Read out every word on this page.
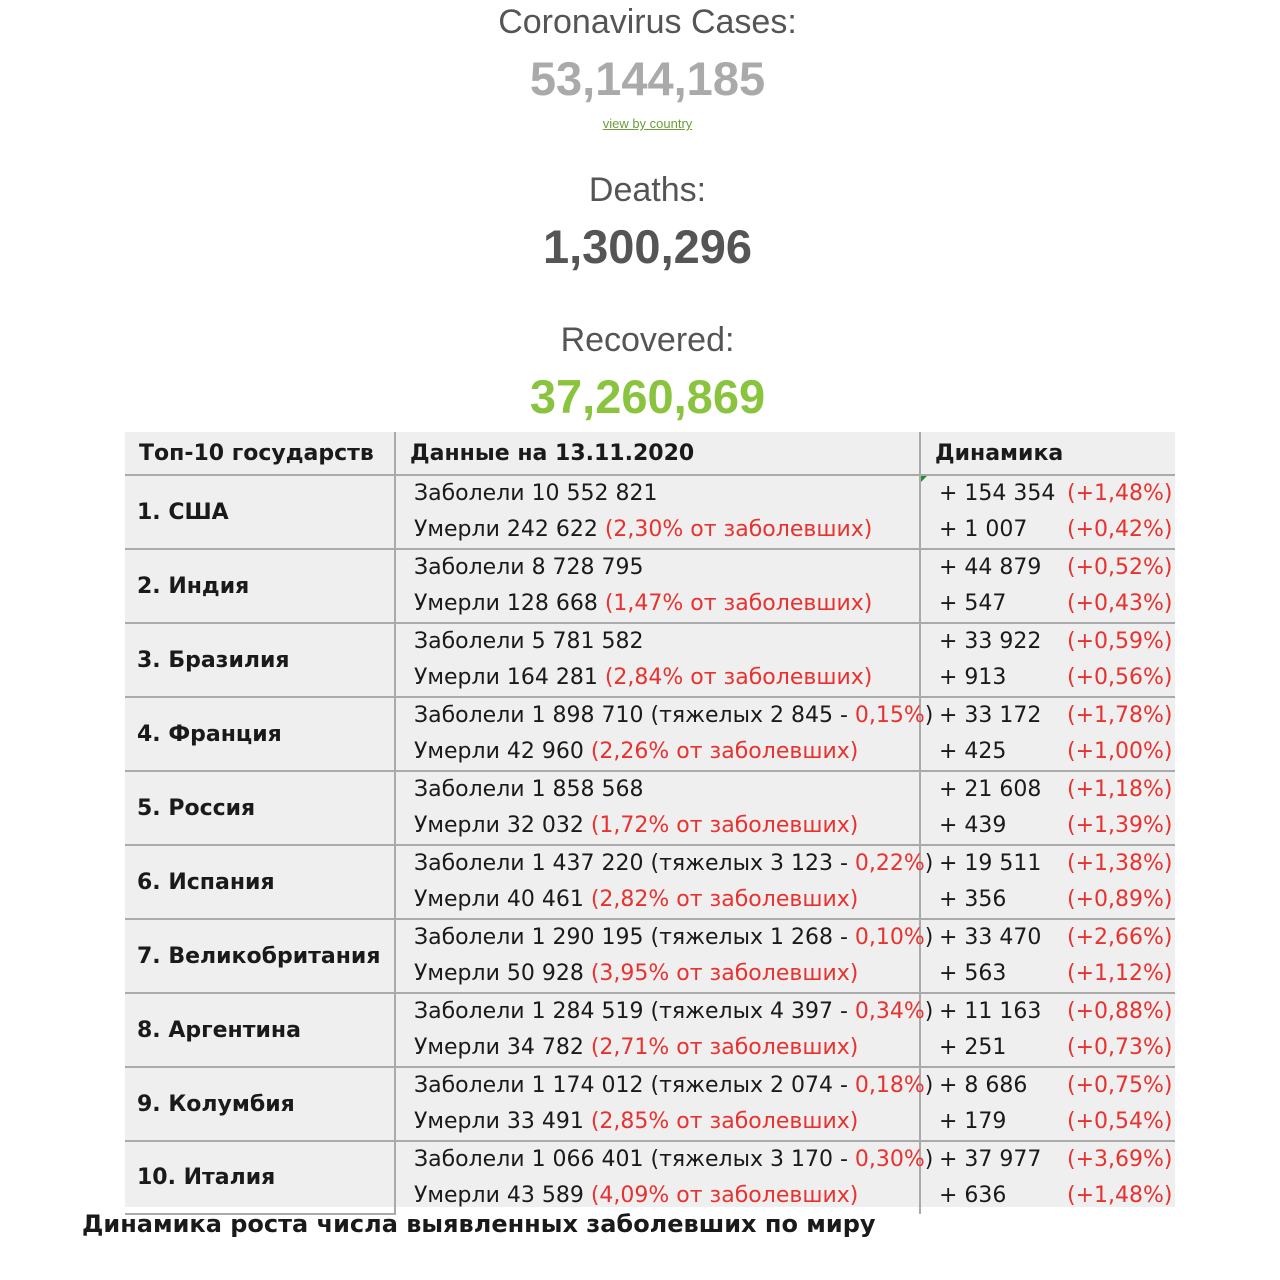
Coronavirus Cases:
53,144,185
view by country
Deaths:
1,300,296
Recovered:
37,260,869
Топ-10 государств	Данные на 13.11.2020	Динамика
1. США	Заболели 10 552 821	+ 154 354 (+1,48%)
	Умерли 242 622 (2,30% от заболевших)	+ 1 007 (+0,42%)
2. Индия	Заболели 8 728 795	+ 44 879 (+0,52%)
	Умерли 128 668 (1,47% от заболевших)	+ 547 (+0,43%)
3. Бразилия	Заболели 5 781 582	+ 33 922 (+0,59%)
	Умерли 164 281 (2,84% от заболевших)	+ 913 (+0,56%)
4. Франция	Заболели 1 898 710 (тяжелых 2 845 - 0,15%)	+ 33 172 (+1,78%)
	Умерли 42 960 (2,26% от заболевших)	+ 425 (+1,00%)
5. Россия	Заболели 1 858 568	+ 21 608 (+1,18%)
	Умерли 32 032 (1,72% от заболевших)	+ 439 (+1,39%)
6. Испания	Заболели 1 437 220 (тяжелых 3 123 - 0,22%)	+ 19 511 (+1,38%)
	Умерли 40 461 (2,82% от заболевших)	+ 356 (+0,89%)
7. Великобритания	Заболели 1 290 195 (тяжелых 1 268 - 0,10%)	+ 33 470 (+2,66%)
	Умерли 50 928 (3,95% от заболевших)	+ 563 (+1,12%)
8. Аргентина	Заболели 1 284 519 (тяжелых 4 397 - 0,34%)	+ 11 163 (+0,88%)
	Умерли 34 782 (2,71% от заболевших)	+ 251 (+0,73%)
9. Колумбия	Заболели 1 174 012 (тяжелых 2 074 - 0,18%)	+ 8 686 (+0,75%)
	Умерли 33 491 (2,85% от заболевших)	+ 179 (+0,54%)
10. Италия	Заболели 1 066 401 (тяжелых 3 170 - 0,30%)	+ 37 977 (+3,69%)
	Умерли 43 589 (4,09% от заболевших)	+ 636 (+1,48%)
Динамика роста числа выявленных заболевших по миру
